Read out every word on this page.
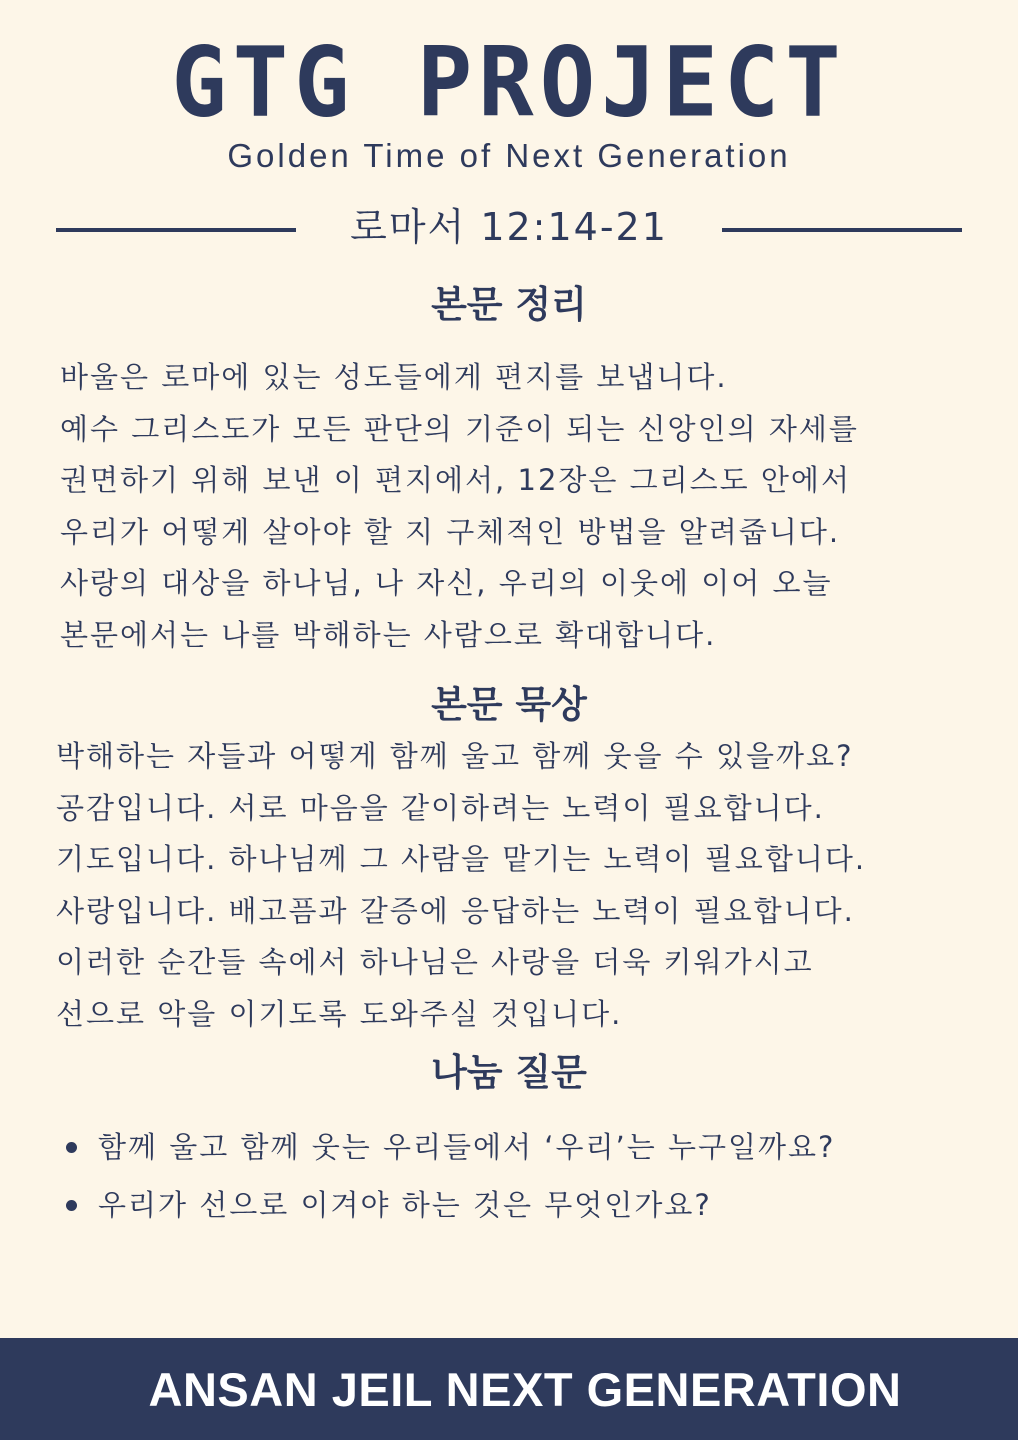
GTG PROJECT
Golden Time of Next Generation
로마서 12:14-21
본문 정리
바울은 로마에 있는 성도들에게 편지를 보냅니다.
예수 그리스도가 모든 판단의 기준이 되는 신앙인의 자세를
권면하기 위해 보낸 이 편지에서, 12장은 그리스도 안에서
우리가 어떻게 살아야 할 지 구체적인 방법을 알려줍니다.
사랑의 대상을 하나님, 나 자신, 우리의 이웃에 이어 오늘
본문에서는 나를 박해하는 사람으로 확대합니다.
본문 묵상
박해하는 자들과 어떻게 함께 울고 함께 웃을 수 있을까요?
공감입니다. 서로 마음을 같이하려는 노력이 필요합니다.
기도입니다. 하나님께 그 사람을 맡기는 노력이 필요합니다.
사랑입니다. 배고픔과 갈증에 응답하는 노력이 필요합니다.
이러한 순간들 속에서 하나님은 사랑을 더욱 키워가시고
선으로 악을 이기도록 도와주실 것입니다.
나눔 질문
함께 울고 함께 웃는 우리들에서 ‘우리’는 누구일까요?
우리가 선으로 이겨야 하는 것은 무엇인가요?
ANSAN JEIL NEXT GENERATION
